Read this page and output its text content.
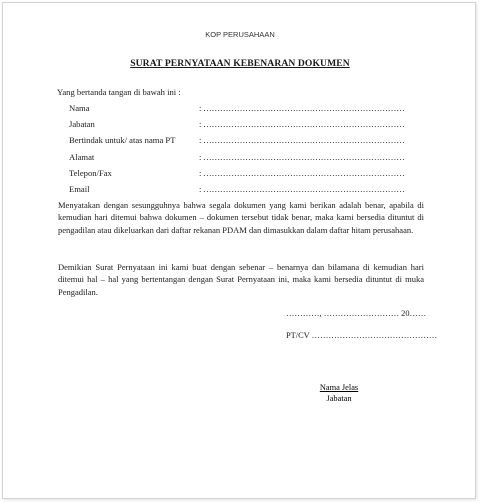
KOP PERUSAHAAN
SURAT PERNYATAAN KEBENARAN DOKUMEN
Yang bertanda tangan di bawah ini :
Nama	: ………………………………………………………………
Jabatan	: ………………………………………………………………
Bertindak untuk/ atas nama PT	: ………………………………………………………………
Alamat	: ………………………………………………………………
Telepon/Fax	: ………………………………………………………………
Email	: ………………………………………………………………

Menyatakan dengan sesungguhnya bahwa segala dokumen yang kami berikan adalah benar, apabila di kemudian hari ditemui bahwa dokumen – dokumen tersebut tidak benar, maka kami bersedia dituntut di pengadilan atau dikeluarkan dari daftar rekanan PDAM dan dimasukkan dalam daftar hitam perusahaan.

Demikian Surat Pernyataan ini kami buat dengan sebenar – benarnya dan bilamana di kemudian hari ditemui hal – hal yang bertentangan dengan Surat Pernyataan ini, maka kami bersedia dituntut di muka Pengadilan.

…………, ……………………… 20……
PT/CV ………………………………………
Nama Jelas
Jabatan
